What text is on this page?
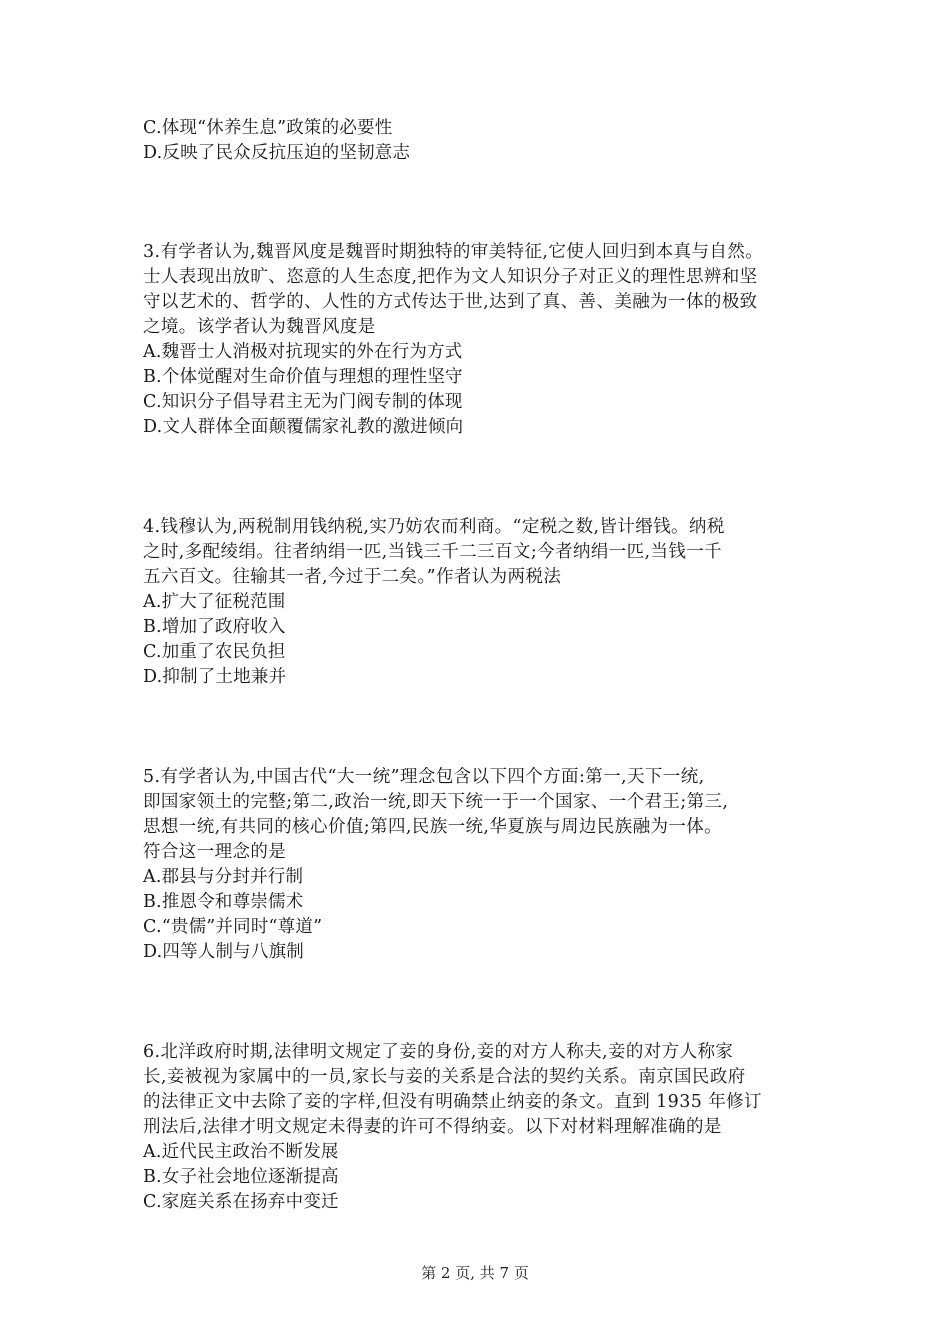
C.体现“休养生息”政策的必要性
D.反映了民众反抗压迫的坚韧意志
3.有学者认为,魏晋风度是魏晋时期独特的审美特征,它使人回归到本真与自然。
士人表现出放旷、恣意的人生态度,把作为文人知识分子对正义的理性思辨和坚
守以艺术的、哲学的、人性的方式传达于世,达到了真、善、美融为一体的极致
之境。该学者认为魏晋风度是
A.魏晋士人消极对抗现实的外在行为方式
B.个体觉醒对生命价值与理想的理性坚守
C.知识分子倡导君主无为门阀专制的体现
D.文人群体全面颠覆儒家礼教的激进倾向
4.钱穆认为,两税制用钱纳税,实乃妨农而利商。“定税之数,皆计缗钱。纳税
之时,多配绫绢。往者纳绢一匹,当钱三千二三百文;今者纳绢一匹,当钱一千
五六百文。往输其一者,今过于二矣。”作者认为两税法
A.扩大了征税范围
B.增加了政府收入
C.加重了农民负担
D.抑制了土地兼并
5.有学者认为,中国古代“大一统”理念包含以下四个方面:第一,天下一统,
即国家领土的完整;第二,政治一统,即天下统一于一个国家、一个君王;第三,
思想一统,有共同的核心价值;第四,民族一统,华夏族与周边民族融为一体。
符合这一理念的是
A.郡县与分封并行制
B.推恩令和尊崇儒术
C.“贵儒”并同时“尊道”
D.四等人制与八旗制
6.北洋政府时期,法律明文规定了妾的身份,妾的对方人称夫,妾的对方人称家
长,妾被视为家属中的一员,家长与妾的关系是合法的契约关系。南京国民政府
的法律正文中去除了妾的字样,但没有明确禁止纳妾的条文。直到 1935 年修订
刑法后,法律才明文规定未得妻的许可不得纳妾。以下对材料理解准确的是
A.近代民主政治不断发展
B.女子社会地位逐渐提高
C.家庭关系在扬弃中变迁
第 2 页, 共 7 页
